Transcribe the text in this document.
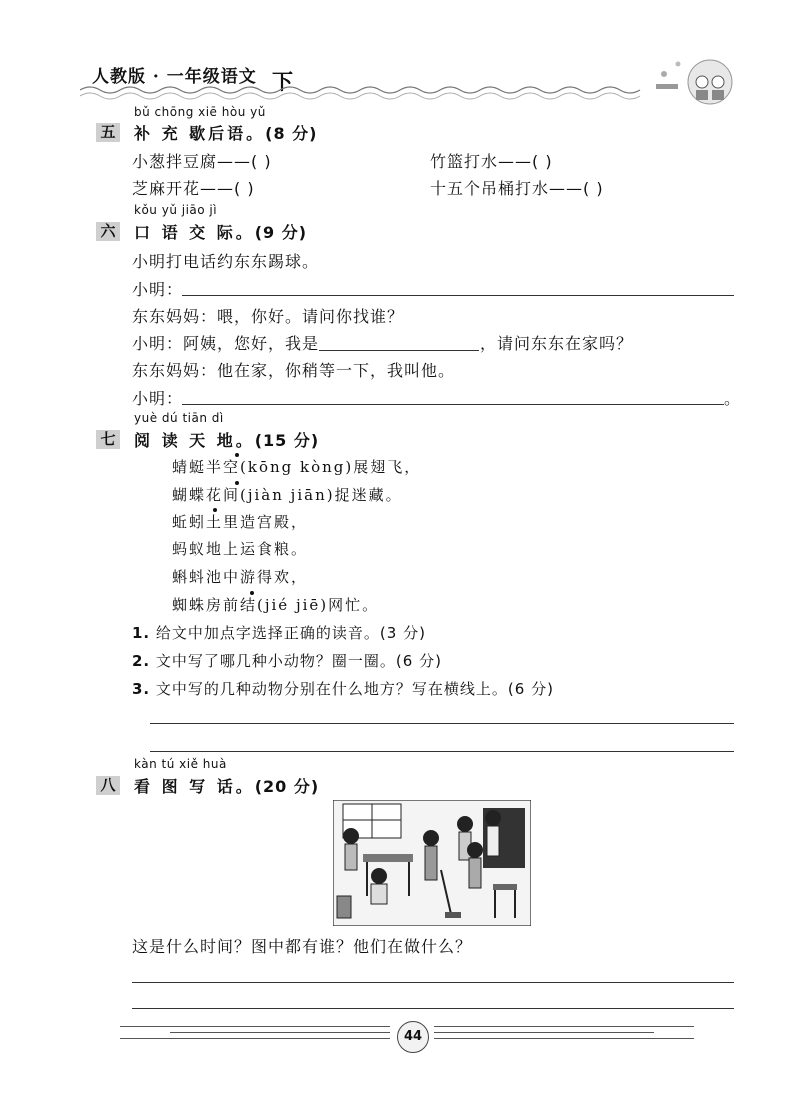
人教版 · 一年级语文 下
bǔ chōng xiē hòu yǔ
五 补 充 歇后语。(8 分)
小葱拌豆腐——( )	竹篮打水——( )
芝麻开花——( )	十五个吊桶打水——( )
kǒu yǔ jiāo jì
六 口 语 交 际。(9 分)
小明打电话约东东踢球。
小明：
东东妈妈：喂，你好。请问你找谁？
小明：阿姨，您好，我是	，请问东东在家吗？
东东妈妈：他在家，你稍等一下，我叫他。
小明：	。
yuè dú tiān dì
七 阅 读 天 地。(15 分)
蜻蜓半空(kōng kòng)展翅飞，
蝴蝶花间(jiàn jiān)捉迷藏。
蚯蚓土里造宫殿，
蚂蚁地上运食粮。
蝌蚪池中游得欢，
蜘蛛房前结(jié jiē)网忙。
1. 给文中加点字选择正确的读音。(3 分)
2. 文中写了哪几种小动物？圈一圈。(6 分)
3. 文中写的几种动物分别在什么地方？写在横线上。(6 分)
kàn tú xiě huà
八 看 图 写 话。(20 分)
这是什么时间？图中都有谁？他们在做什么？
44
